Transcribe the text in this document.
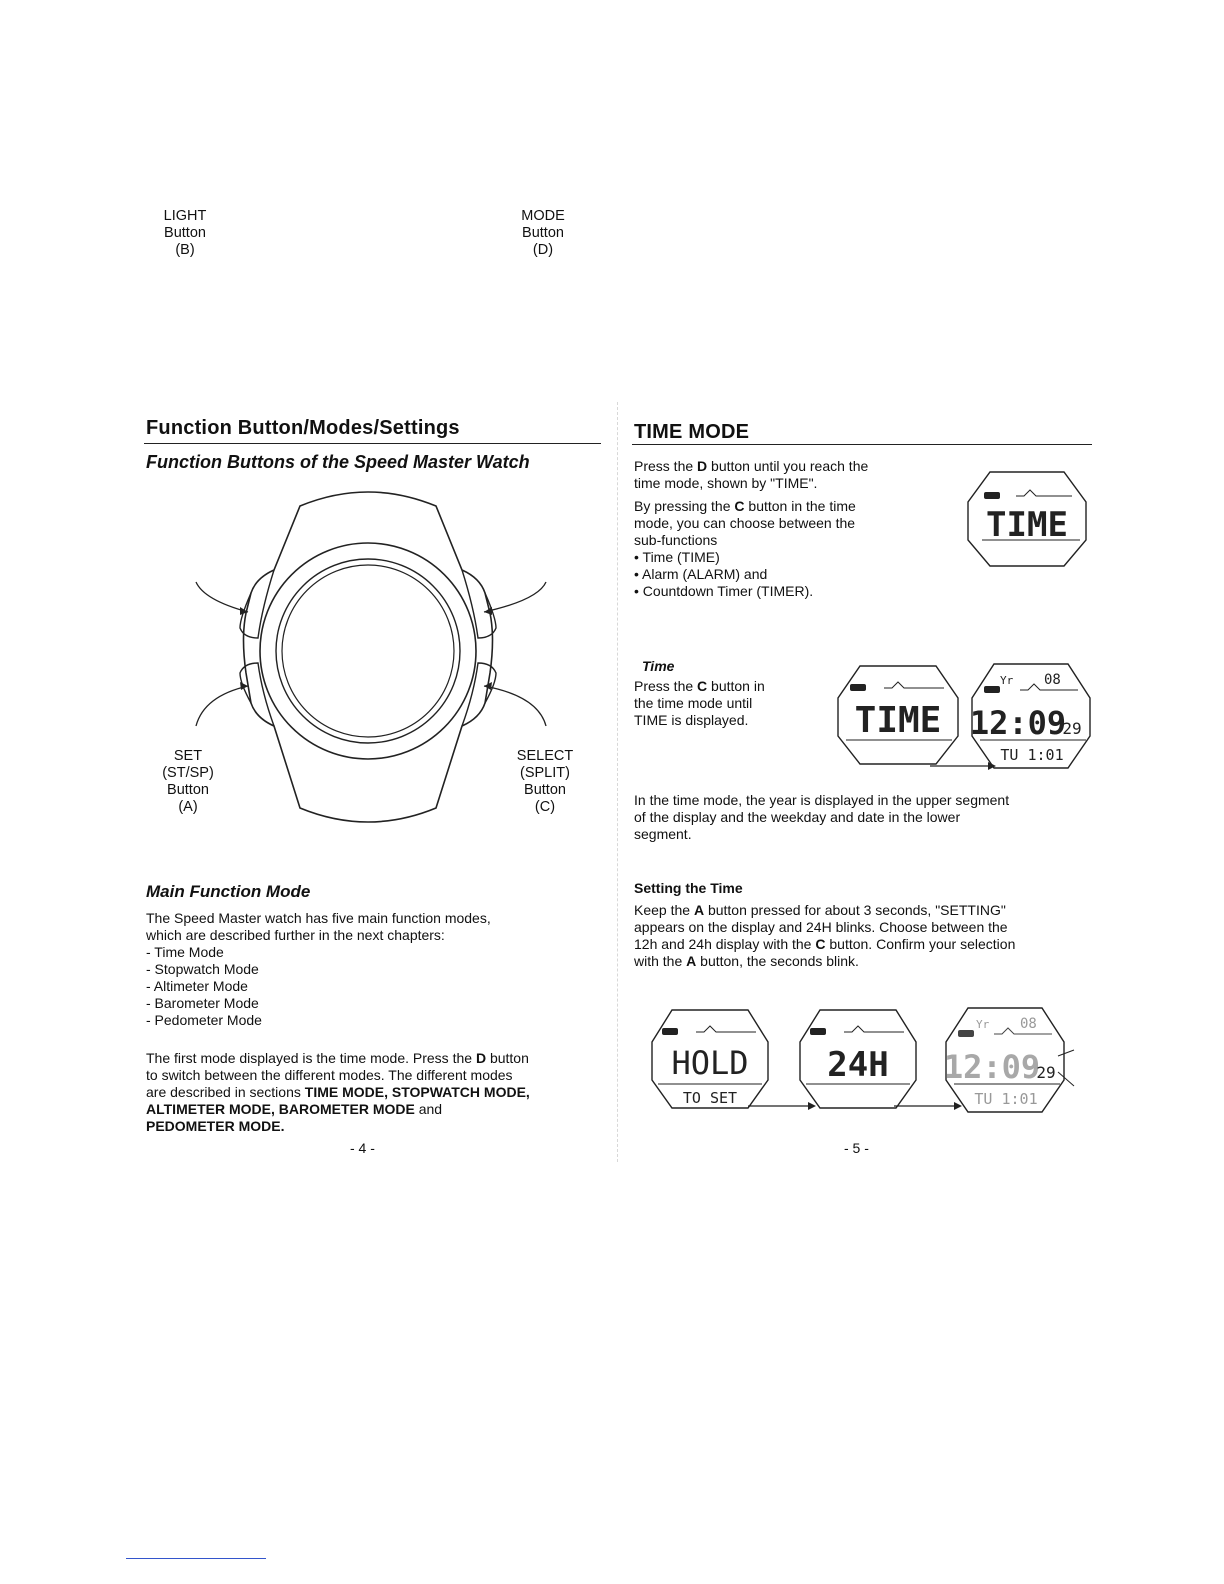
Function Button/Modes/Settings
Function Buttons of the Speed Master Watch
LIGHT
Button
(B)
MODE
Button
(D)
SET
(ST/SP)
Button
(A)
SELECT
(SPLIT)
Button
(C)
Main Function Mode
The Speed Master watch has five main function modes,
which are described further in the next chapters:
- Time Mode
- Stopwatch Mode
- Altimeter Mode
- Barometer Mode
- Pedometer Mode
The first mode displayed is the time mode. Press the D button
to switch between the different modes. The different modes
are described in sections TIME MODE, STOPWATCH MODE,
ALTIMETER MODE, BAROMETER MODE and
PEDOMETER MODE.
- 4 -
TIME MODE
Press the D button until you reach the
time mode, shown by "TIME".
By pressing the C button in the time
mode, you can choose between the
sub-functions
• Time (TIME)
• Alarm (ALARM) and
• Countdown Timer (TIMER).
TIME
Time
Press the C button in
the time mode until
TIME is displayed.	TIME
Yr 08
12:09
29
TU 1:01
In the time mode, the year is displayed in the upper segment
of the display and the weekday and date in the lower
segment.
Setting the Time
Keep the A button pressed for about 3 seconds, "SETTING"
appears on the display and 24H blinks. Choose between the
12h and 24h display with the C button. Confirm your selection
with the A button, the seconds blink.
HOLD
TO SET
24H
Yr 08
12:09
29
TU 1:01
- 5 -
